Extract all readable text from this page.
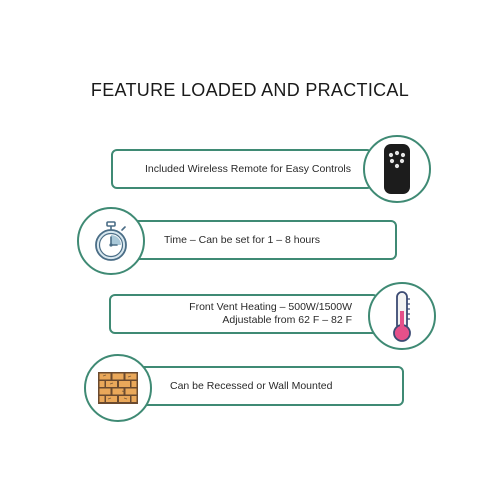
FEATURE LOADED AND PRACTICAL
Included Wireless Remote for Easy Controls
Time – Can be set for 1 – 8 hours
Front Vent Heating – 500W/1500W
Adjustable from 62 F – 82 F
Can be Recessed or Wall Mounted
